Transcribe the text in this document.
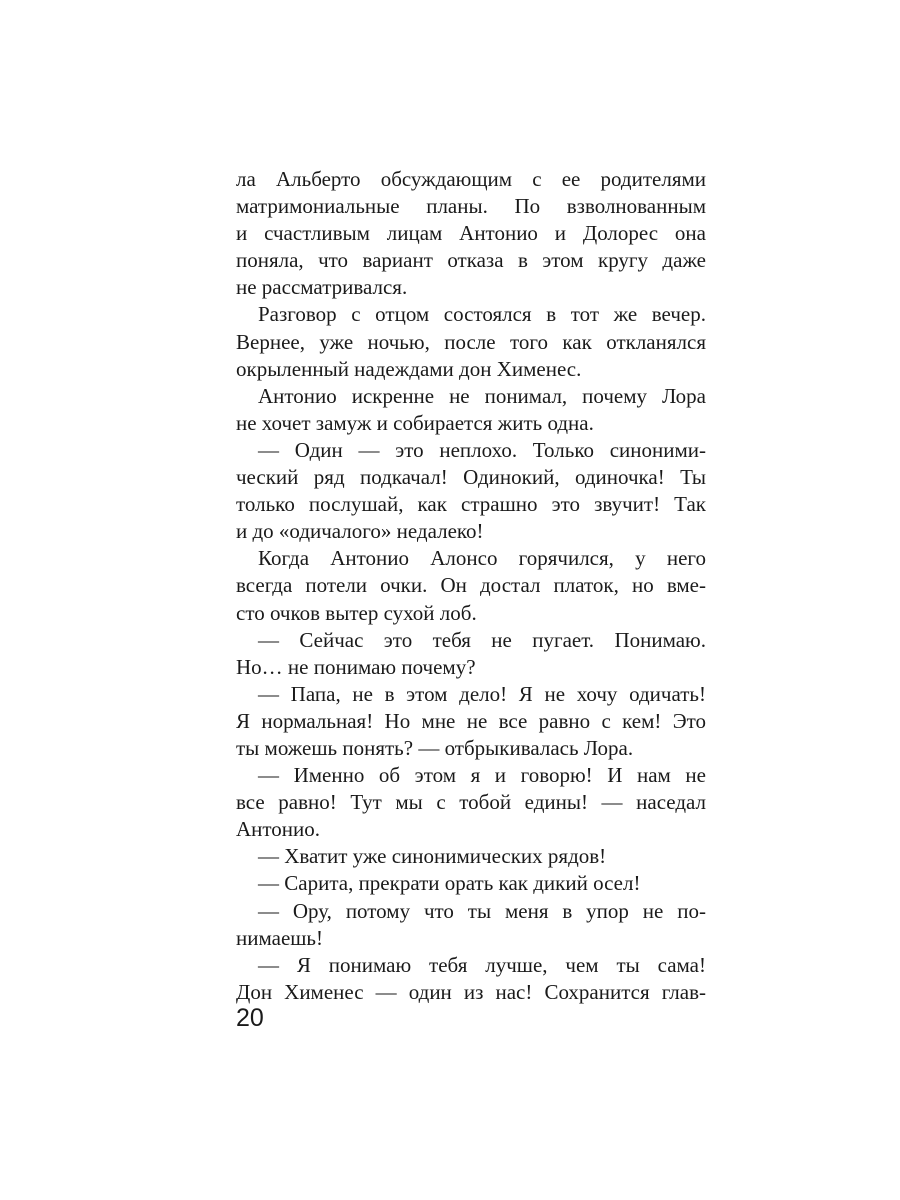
ла Альберто обсуждающим с ее родителями
матримониальные планы. По взволнованным
и счастливым лицам Антонио и Долорес она
поняла, что вариант отказа в этом кругу даже
не рассматривался.
Разговор с отцом состоялся в тот же вечер.
Вернее, уже ночью, после того как откланялся
окрыленный надеждами дон Хименес.
Антонио искренне не понимал, почему Лора
не хочет замуж и собирается жить одна.
— Один — это неплохо. Только синоними-
ческий ряд подкачал! Одинокий, одиночка! Ты
только послушай, как страшно это звучит! Так
и до «одичалого» недалеко!
Когда Антонио Алонсо горячился, у него
всегда потели очки. Он достал платок, но вме-
сто очков вытер сухой лоб.
— Сейчас это тебя не пугает. Понимаю.
Но… не понимаю почему?
— Папа, не в этом дело! Я не хочу одичать!
Я нормальная! Но мне не все равно с кем! Это
ты можешь понять? — отбрыкивалась Лора.
— Именно об этом я и говорю! И нам не
все равно! Тут мы с тобой едины! — наседал
Антонио.
— Хватит уже синонимических рядов!
— Сарита, прекрати орать как дикий осел!
— Ору, потому что ты меня в упор не по-
нимаешь!
— Я понимаю тебя лучше, чем ты сама!
Дон Хименес — один из нас! Сохранится глав-
20
